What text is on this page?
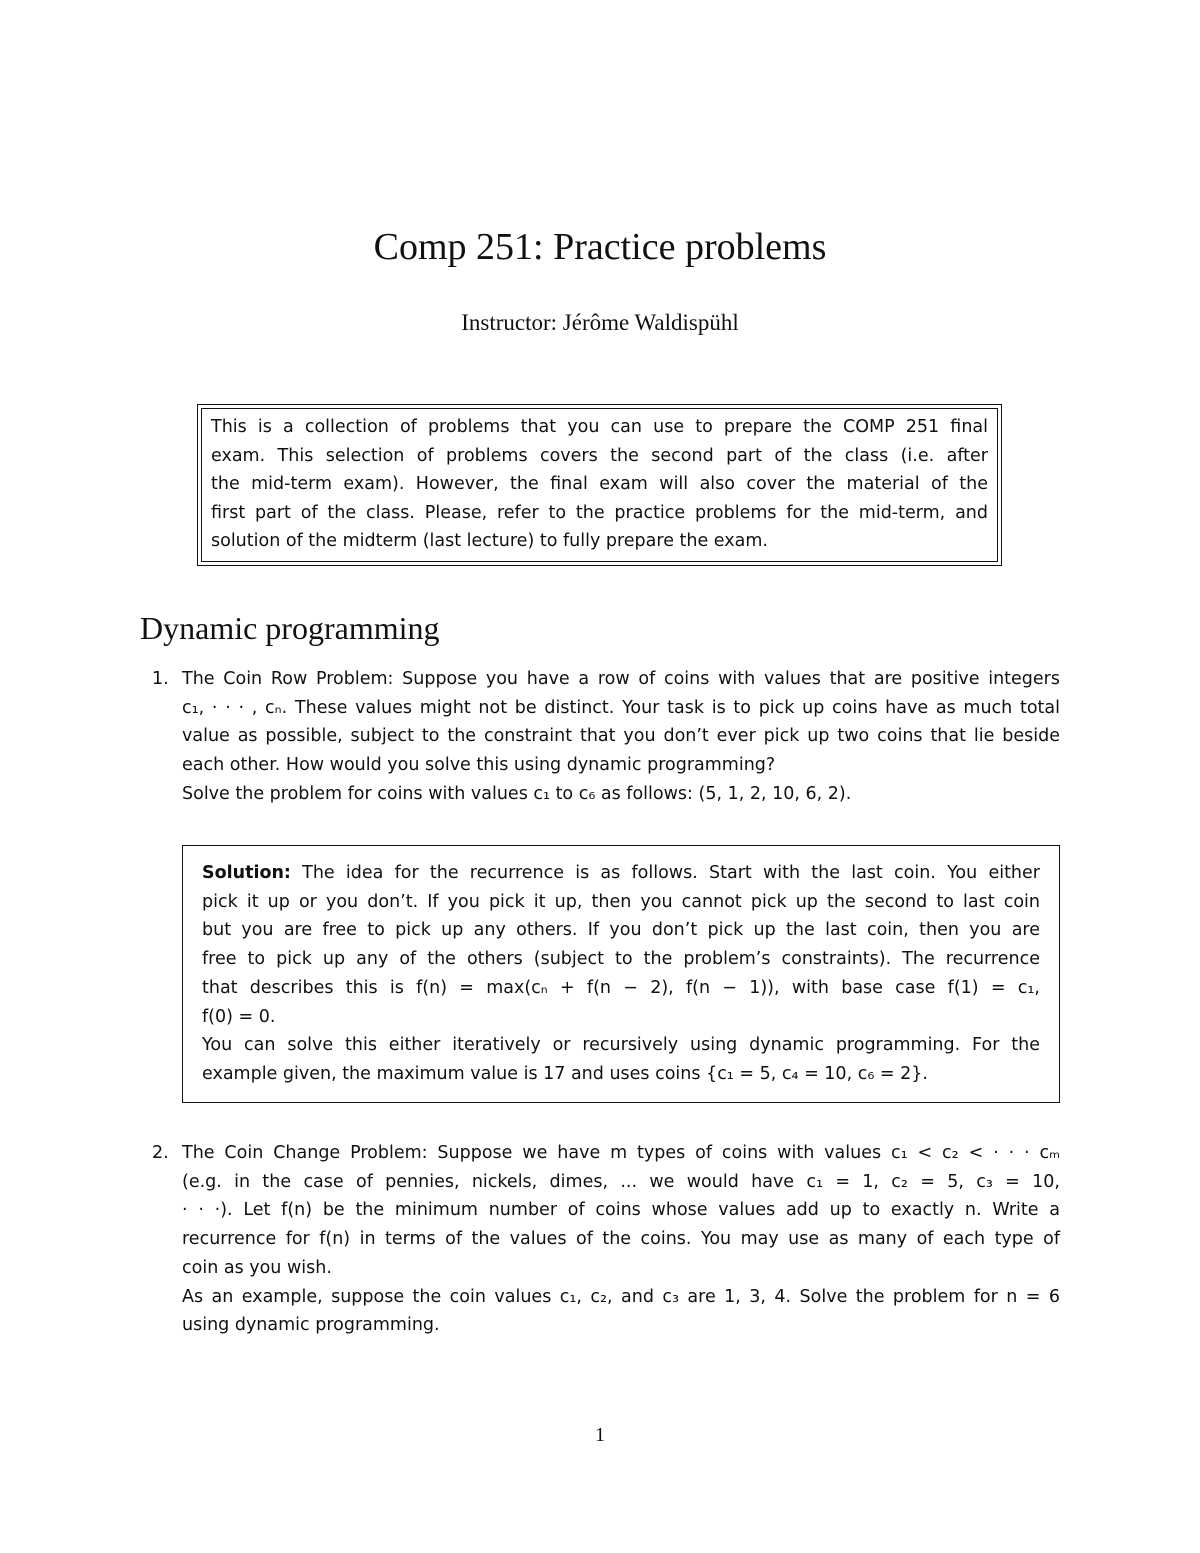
Comp 251: Practice problems
Instructor: Jérôme Waldispühl
This is a collection of problems that you can use to prepare the COMP 251 final
exam. This selection of problems covers the second part of the class (i.e. after
the mid-term exam). However, the final exam will also cover the material of the
first part of the class. Please, refer to the practice problems for the mid-term, and
solution of the midterm (last lecture) to fully prepare the exam.
Dynamic programming
1. The Coin Row Problem: Suppose you have a row of coins with values that are positive integers
c₁, · · · , cₙ. These values might not be distinct. Your task is to pick up coins have as much total
value as possible, subject to the constraint that you don’t ever pick up two coins that lie beside
each other. How would you solve this using dynamic programming?
Solve the problem for coins with values c₁ to c₆ as follows: (5, 1, 2, 10, 6, 2).
Solution: The idea for the recurrence is as follows. Start with the last coin. You either
pick it up or you don’t. If you pick it up, then you cannot pick up the second to last coin
but you are free to pick up any others. If you don’t pick up the last coin, then you are
free to pick up any of the others (subject to the problem’s constraints). The recurrence
that describes this is f(n) = max(cₙ + f(n − 2), f(n − 1)), with base case f(1) = c₁,
f(0) = 0.
You can solve this either iteratively or recursively using dynamic programming. For the
example given, the maximum value is 17 and uses coins {c₁ = 5, c₄ = 10, c₆ = 2}.
2. The Coin Change Problem: Suppose we have m types of coins with values c₁ < c₂ < · · · cₘ
(e.g. in the case of pennies, nickels, dimes, ... we would have c₁ = 1, c₂ = 5, c₃ = 10,
· · ·). Let f(n) be the minimum number of coins whose values add up to exactly n. Write a
recurrence for f(n) in terms of the values of the coins. You may use as many of each type of
coin as you wish.
As an example, suppose the coin values c₁, c₂, and c₃ are 1, 3, 4. Solve the problem for n = 6
using dynamic programming.
1
